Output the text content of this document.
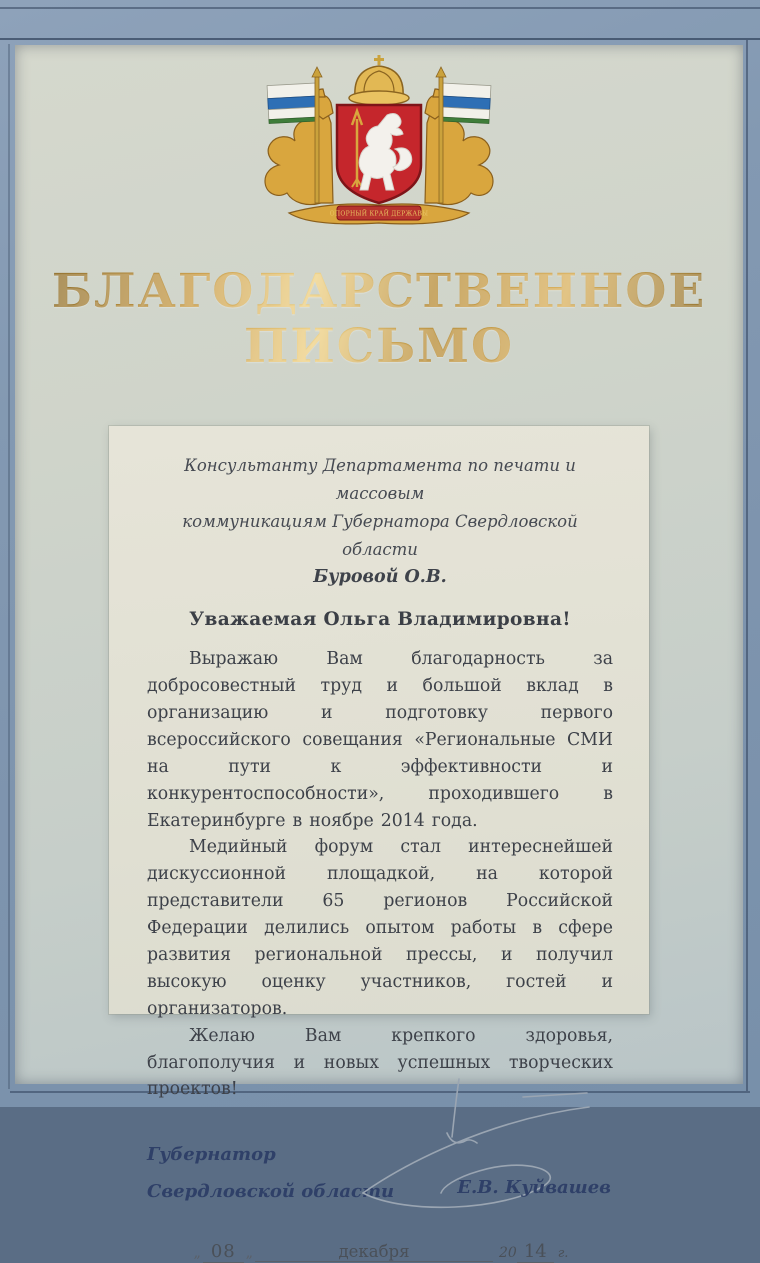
ОПОРНЫЙ КРАЙ ДЕРЖАВЫ
БЛАГОДАРСТВЕННОЕ
ПИСЬМО
Консультанту Департамента по печати и массовым
коммуникациям Губернатора Свердловской области
Буровой О.В.
Уважаемая Ольга Владимировна!

Выражаю Вам благодарность за добросовестный труд и большой вклад в организацию и подготовку первого всероссийского совещания «Региональные СМИ на пути к эффективности и конкурентоспособности», проходившего в Екатеринбурге в ноябре 2014 года.

Медийный форум стал интереснейшей дискуссионной площадкой, на которой представители 65 регионов Российской Федерации делились опытом работы в сфере развития региональной прессы, и получил высокую оценку участников, гостей и организаторов.

Желаю Вам крепкого здоровья, благополучия и новых успешных творческих проектов!

Губернатор
Свердловской области	Е.В. Куйвашев
„ 08 „	декабря	20 14 г.
